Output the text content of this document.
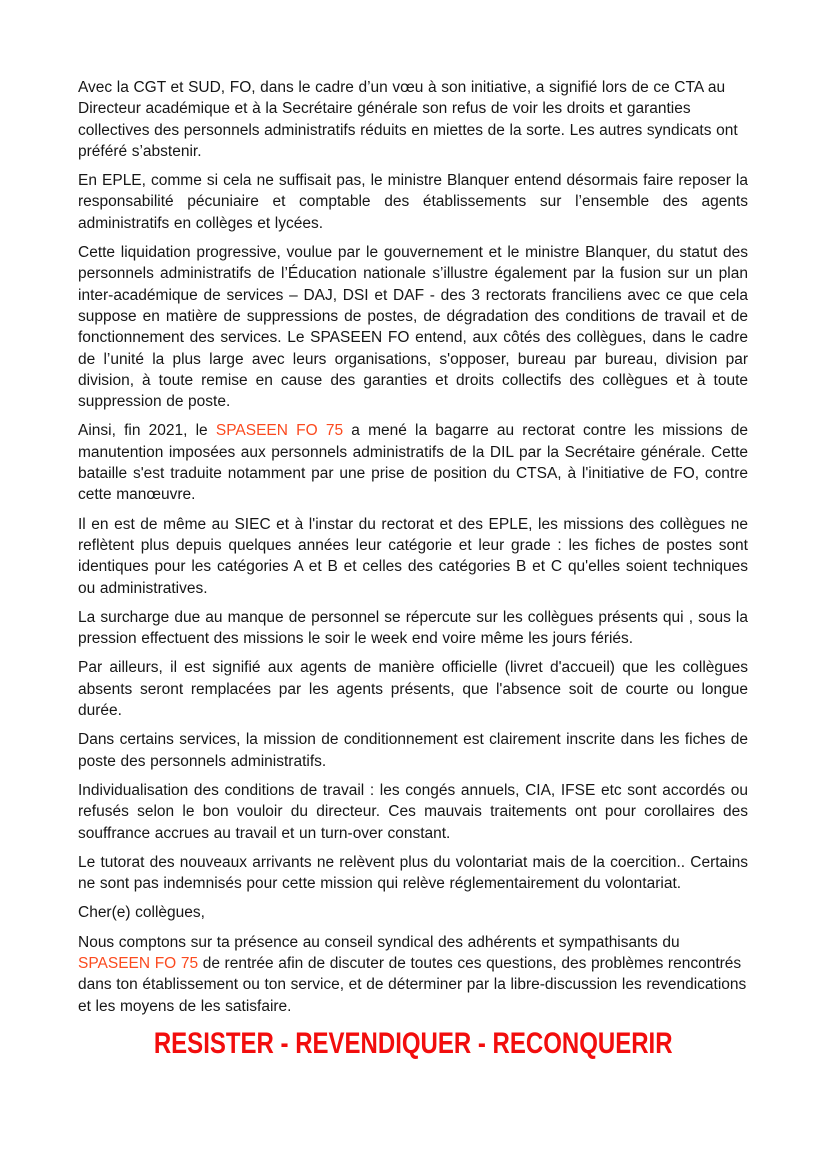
Avec la CGT et SUD, FO, dans le cadre d’un vœu à son initiative, a signifié lors de ce CTA au Directeur académique et à la Secrétaire générale son refus de voir les droits et garanties collectives des personnels administratifs réduits en miettes de la sorte. Les autres syndicats ont préféré s’abstenir.

En EPLE, comme si cela ne suffisait pas, le ministre Blanquer entend désormais faire reposer la responsabilité pécuniaire et comptable des établissements sur l’ensemble des agents administratifs en collèges et lycées.

Cette liquidation progressive, voulue par le gouvernement et le ministre Blanquer, du statut des personnels administratifs de l’Éducation nationale s’illustre également par la fusion sur un plan inter-académique de services – DAJ, DSI et DAF - des 3 rectorats franciliens avec ce que cela suppose en matière de suppressions de postes, de dégradation des conditions de travail et de fonctionnement des services. Le SPASEEN FO entend, aux côtés des collègues, dans le cadre de l’unité la plus large avec leurs organisations, s'opposer, bureau par bureau, division par division, à toute remise en cause des garanties et droits collectifs des collègues et à toute suppression de poste.

Ainsi, fin 2021, le SPASEEN FO 75 a mené la bagarre au rectorat contre les missions de manutention imposées aux personnels administratifs de la DIL par la Secrétaire générale. Cette bataille s'est traduite notamment par une prise de position du CTSA, à l'initiative de FO, contre cette manœuvre.

Il en est de même au SIEC et à l'instar du rectorat et des EPLE, les missions des collègues ne reflètent plus depuis quelques années leur catégorie et leur grade : les fiches de postes sont identiques pour les catégories A et B et celles des catégories B et C qu'elles soient techniques ou administratives.

La surcharge due au manque de personnel se répercute sur les collègues présents qui , sous la pression effectuent des missions le soir le week end voire même les jours fériés.

Par ailleurs, il est signifié aux agents de manière officielle (livret d'accueil) que les collègues absents seront remplacées par les agents présents, que l'absence soit de courte ou longue durée.

Dans certains services, la mission de conditionnement est clairement inscrite dans les fiches de poste des personnels administratifs.

Individualisation des conditions de travail : les congés annuels, CIA, IFSE etc sont accordés ou refusés selon le bon vouloir du directeur. Ces mauvais traitements ont pour corollaires des souffrance accrues au travail et un turn-over constant.

Le tutorat des nouveaux arrivants ne relèvent plus du volontariat mais de la coercition.. Certains ne sont pas indemnisés pour cette mission qui relève réglementairement du volontariat.

Cher(e) collègues,

Nous comptons sur ta présence au conseil syndical des adhérents et sympathisants du SPASEEN FO 75 de rentrée afin de discuter de toutes ces questions, des problèmes rencontrés dans ton établissement ou ton service, et de déterminer par la libre-discussion les revendications et les moyens de les satisfaire.

RESISTER - REVENDIQUER - RECONQUERIR
